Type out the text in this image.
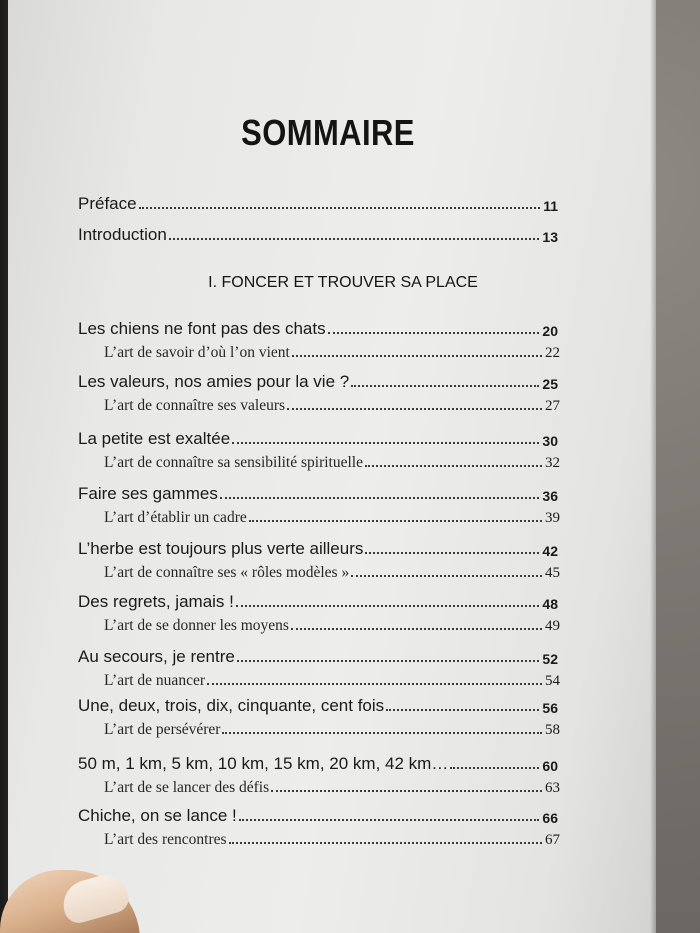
SOMMAIRE
Préface	11
Introduction	13
I. FONCER ET TROUVER SA PLACE
Les chiens ne font pas des chats	20
L’art de savoir d’où l’on vient	22
Les valeurs, nos amies pour la vie ?	25
L’art de connaître ses valeurs	27
La petite est exaltée	30
L’art de connaître sa sensibilité spirituelle	32
Faire ses gammes	36
L’art d’établir un cadre	39
L’herbe est toujours plus verte ailleurs	42
L’art de connaître ses « rôles modèles »	45
Des regrets, jamais !	48
L’art de se donner les moyens	49
Au secours, je rentre	52
L’art de nuancer	54
Une, deux, trois, dix, cinquante, cent fois	56
L’art de persévérer	58
50 m, 1 km, 5 km, 10 km, 15 km, 20 km, 42 km…	60
L’art de se lancer des défis	63
Chiche, on se lance !	66
L’art des rencontres	67
